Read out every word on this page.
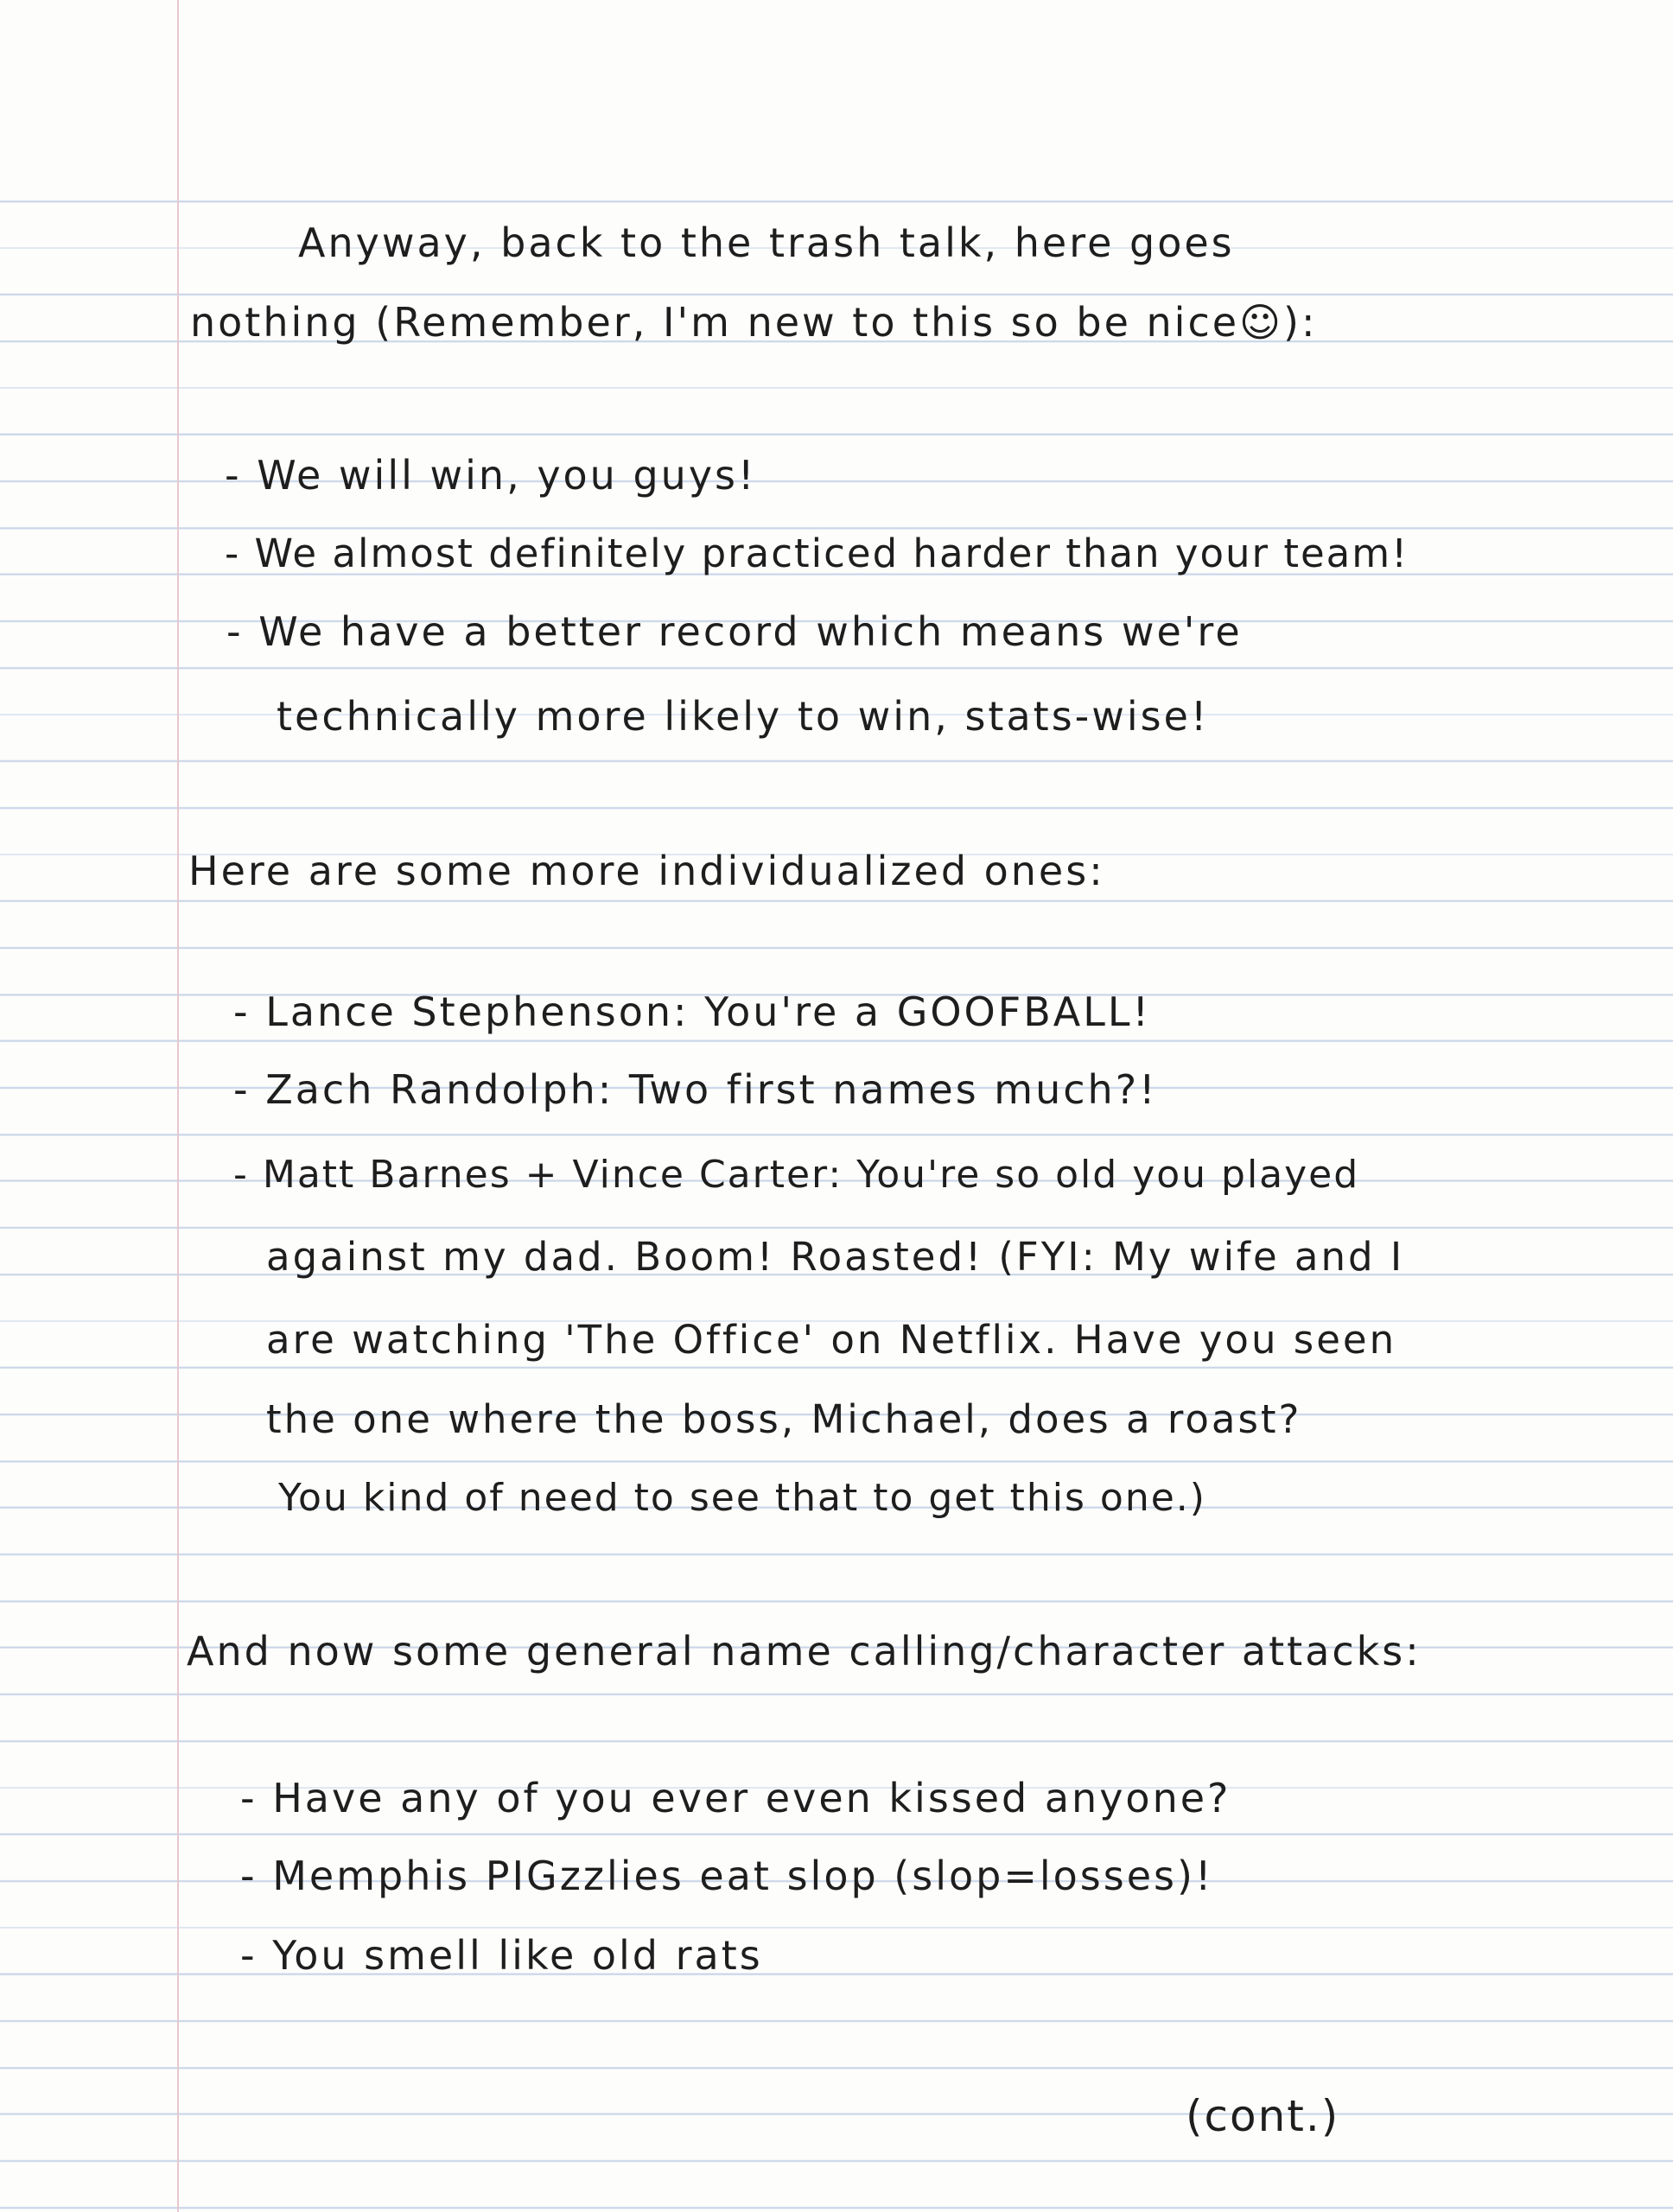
Anyway, back to the trash talk, here goes
nothing (Remember, I'm new to this so be nice☺):
- We will win, you guys!
- We almost definitely practiced harder than your team!
- We have a better record which means we're
technically more likely to win, stats-wise!
Here are some more individualized ones:
- Lance Stephenson: You're a GOOFBALL!
- Zach Randolph: Two first names much?!
- Matt Barnes + Vince Carter: You're so old you played
against my dad. Boom! Roasted! (FYI: My wife and I
are watching 'The Office' on Netflix. Have you seen
the one where the boss, Michael, does a roast?
You kind of need to see that to get this one.)
And now some general name calling/character attacks:
- Have any of you ever even kissed anyone?
- Memphis PIGzzlies eat slop (slop=losses)!
- You smell like old rats
(cont.)
